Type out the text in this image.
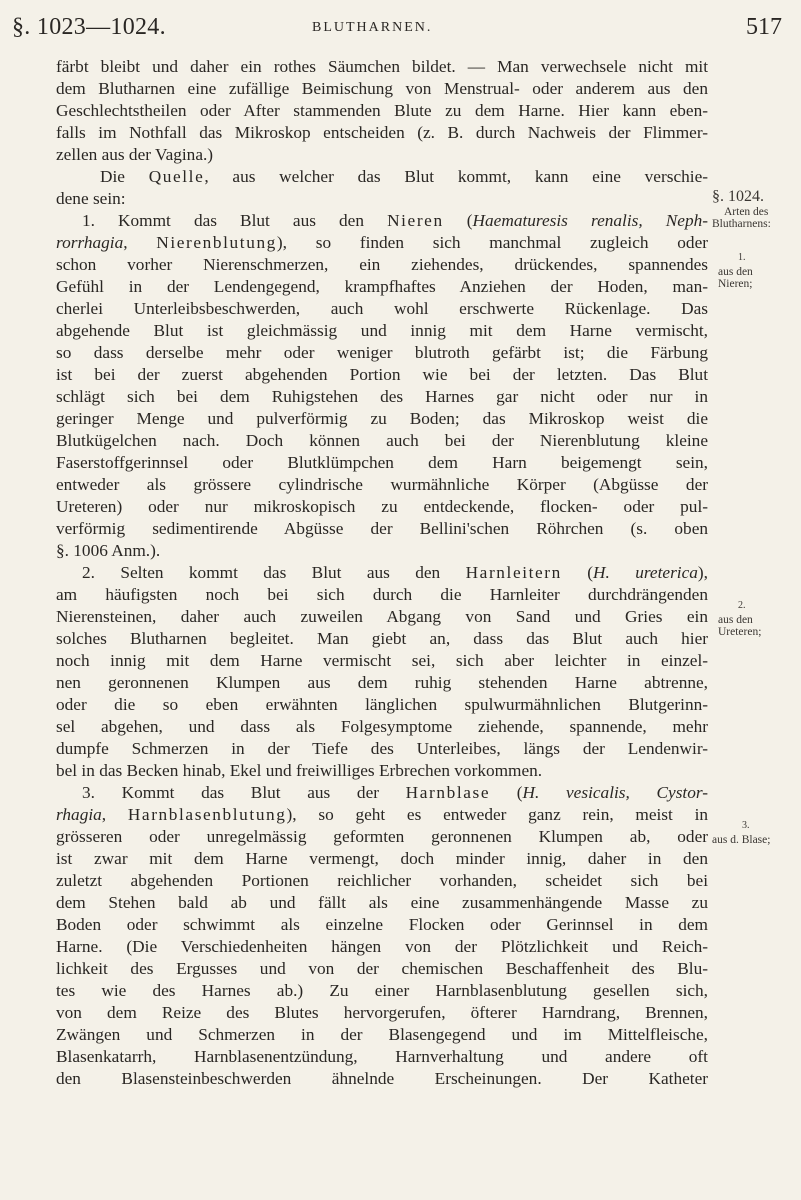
§. 1023—1024.	BLUTHARNEN.	517
färbt bleibt und daher ein rothes Säumchen bildet. — Man verwechsele nicht mit
dem Blutharnen eine zufällige Beimischung von Menstrual- oder anderem aus den
Geschlechtstheilen oder After stammenden Blute zu dem Harne. Hier kann eben-
falls im Nothfall das Mikroskop entscheiden (z. B. durch Nachweis der Flimmer-
zellen aus der Vagina.)
Die Quelle, aus welcher das Blut kommt, kann eine verschie-
dene sein:
1. Kommt das Blut aus den Nieren (Haematuresis renalis, Neph-
rorrhagia, Nierenblutung), so finden sich manchmal zugleich oder
schon vorher Nierenschmerzen, ein ziehendes, drückendes, spannendes
Gefühl in der Lendengegend, krampfhaftes Anziehen der Hoden, man-
cherlei Unterleibsbeschwerden, auch wohl erschwerte Rückenlage. Das
abgehende Blut ist gleichmässig und innig mit dem Harne vermischt,
so dass derselbe mehr oder weniger blutroth gefärbt ist; die Färbung
ist bei der zuerst abgehenden Portion wie bei der letzten. Das Blut
schlägt sich bei dem Ruhigstehen des Harnes gar nicht oder nur in
geringer Menge und pulverförmig zu Boden; das Mikroskop weist die
Blutkügelchen nach. Doch können auch bei der Nierenblutung kleine
Faserstoffgerinnsel oder Blutklümpchen dem Harn beigemengt sein,
entweder als grössere cylindrische wurmähnliche Körper (Abgüsse der
Ureteren) oder nur mikroskopisch zu entdeckende, flocken- oder pul-
verförmig sedimentirende Abgüsse der Bellini'schen Röhrchen (s. oben
§. 1006 Anm.).
2. Selten kommt das Blut aus den Harnleitern (H. ureterica),
am häufigsten noch bei sich durch die Harnleiter durchdrängenden
Nierensteinen, daher auch zuweilen Abgang von Sand und Gries ein
solches Blutharnen begleitet. Man giebt an, dass das Blut auch hier
noch innig mit dem Harne vermischt sei, sich aber leichter in einzel-
nen geronnenen Klumpen aus dem ruhig stehenden Harne abtrenne,
oder die so eben erwähnten länglichen spulwurmähnlichen Blutgerinn-
sel abgehen, und dass als Folgesymptome ziehende, spannende, mehr
dumpfe Schmerzen in der Tiefe des Unterleibes, längs der Lendenwir-
bel in das Becken hinab, Ekel und freiwilliges Erbrechen vorkommen.
3. Kommt das Blut aus der Harnblase (H. vesicalis, Cystor-
rhagia, Harnblasenblutung), so geht es entweder ganz rein, meist in
grösseren oder unregelmässig geformten geronnenen Klumpen ab, oder
ist zwar mit dem Harne vermengt, doch minder innig, daher in den
zuletzt abgehenden Portionen reichlicher vorhanden, scheidet sich bei
dem Stehen bald ab und fällt als eine zusammenhängende Masse zu
Boden oder schwimmt als einzelne Flocken oder Gerinnsel in dem
Harne. (Die Verschiedenheiten hängen von der Plötzlichkeit und Reich-
lichkeit des Ergusses und von der chemischen Beschaffenheit des Blu-
tes wie des Harnes ab.) Zu einer Harnblasenblutung gesellen sich,
von dem Reize des Blutes hervorgerufen, öfterer Harndrang, Brennen,
Zwängen und Schmerzen in der Blasengegend und im Mittelfleische,
Blasenkatarrh, Harnblasenentzündung, Harnverhaltung und andere oft
den Blasensteinbeschwerden ähnelnde Erscheinungen. Der Katheter
§. 1024.
Arten des
Blutharnens:
1.
aus den
Nieren;
2.
aus den
Ureteren;
3.
aus d. Blase;
